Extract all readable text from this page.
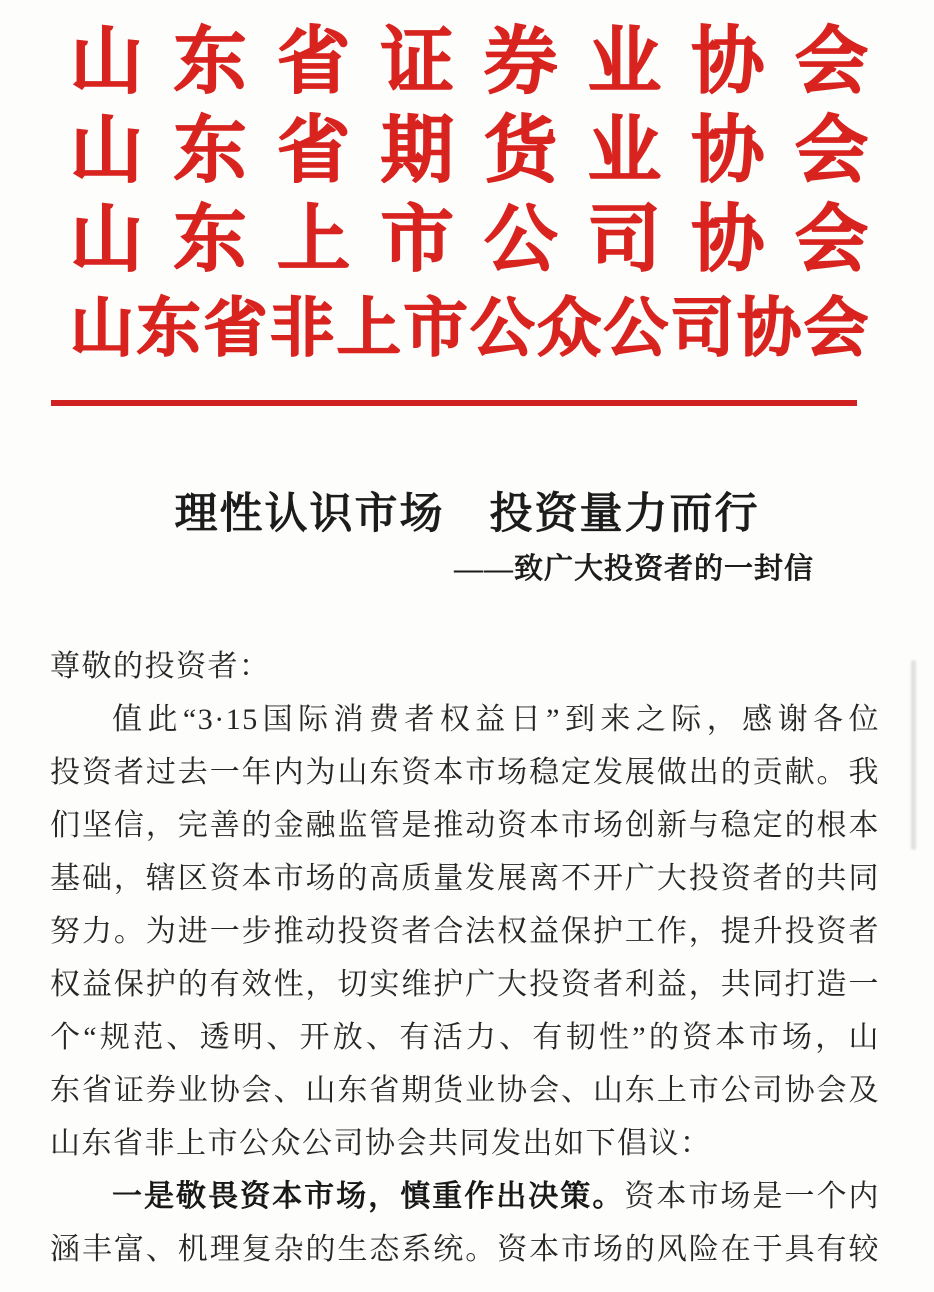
山东省证券业协会
山东省期货业协会
山东上市公司协会
山东省非上市公众公司协会
理性认识市场　投资量力而行
——致广大投资者的一封信
尊敬的投资者：
值此“3·15国际消费者权益日”到来之际，感谢各位
投资者过去一年内为山东资本市场稳定发展做出的贡献。我
们坚信，完善的金融监管是推动资本市场创新与稳定的根本
基础，辖区资本市场的高质量发展离不开广大投资者的共同
努力。为进一步推动投资者合法权益保护工作，提升投资者
权益保护的有效性，切实维护广大投资者利益，共同打造一
个“规范、透明、开放、有活力、有韧性”的资本市场，山
东省证券业协会、山东省期货业协会、山东上市公司协会及
山东省非上市公众公司协会共同发出如下倡议：
一是敬畏资本市场，慎重作出决策。资本市场是一个内
涵丰富、机理复杂的生态系统。资本市场的风险在于具有较
